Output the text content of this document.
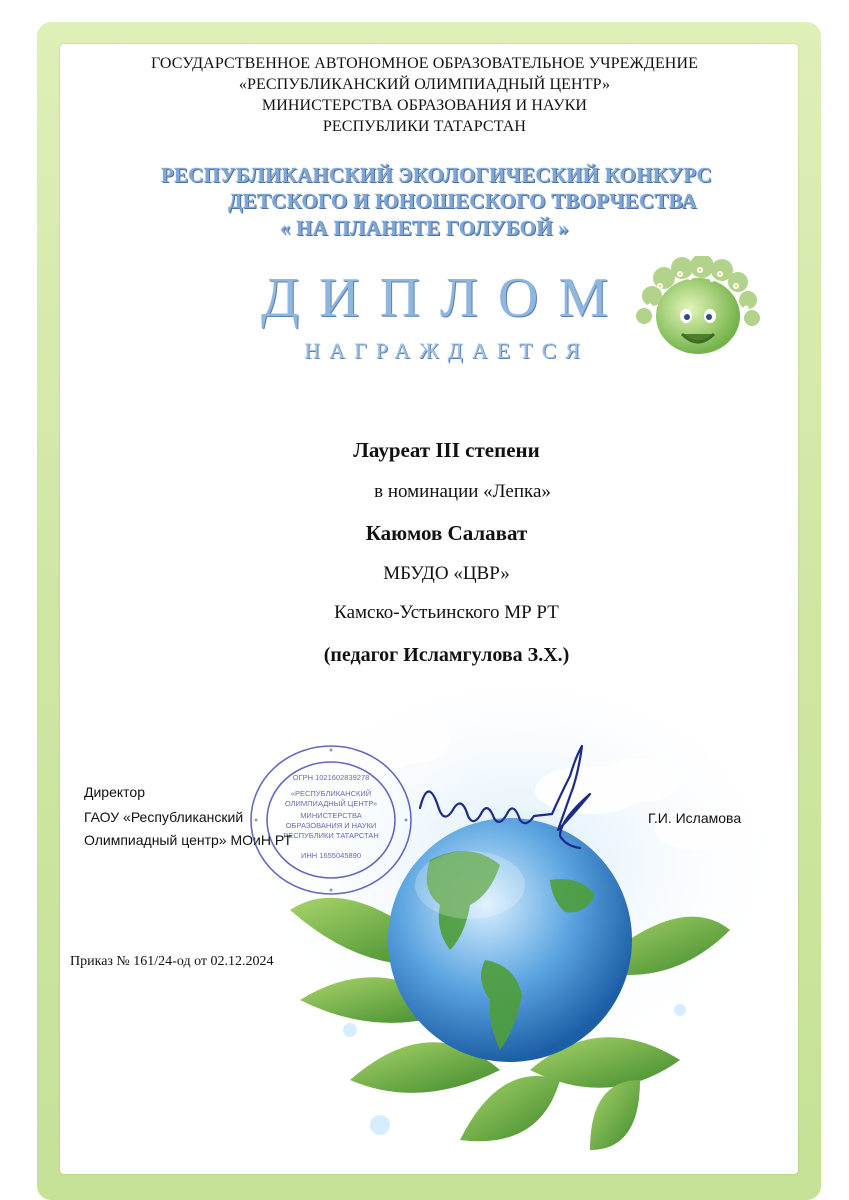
ГОСУДАРСТВЕННОЕ АВТОНОМНОЕ ОБРАЗОВАТЕЛЬНОЕ УЧРЕЖДЕНИЕ
«РЕСПУБЛИКАНСКИЙ ОЛИМПИАДНЫЙ ЦЕНТР»
МИНИСТЕРСТВА ОБРАЗОВАНИЯ И НАУКИ
РЕСПУБЛИКИ ТАТАРСТАН
РЕСПУБЛИКАНСКИЙ ЭКОЛОГИЧЕСКИЙ КОНКУРС
ДЕТСКОГО И ЮНОШЕСКОГО ТВОРЧЕСТВА
« НА ПЛАНЕТЕ ГОЛУБОЙ »
ДИПЛОМ
НАГРАЖДАЕТСЯ
Лауреат III степени
в номинации «Лепка»
Каюмов Салават
МБУДО «ЦВР»
Камско-Устьинского МР РТ
(педагог Исламгулова З.Х.)
Директор
ГАОУ «Республиканский
Олимпиадный центр» МОиН РТ
Г.И. Исламова
«РЕСПУБЛИКАНСКИЙ
ОЛИМПИАДНЫЙ ЦЕНТР»
МИНИСТЕРСТВА
ОБРАЗОВАНИЯ И НАУКИ
РЕСПУБЛИКИ ТАТАРСТАН
ОГРН 1021602839278
ИНН 1655045890
Приказ № 161/24-од от 02.12.2024
